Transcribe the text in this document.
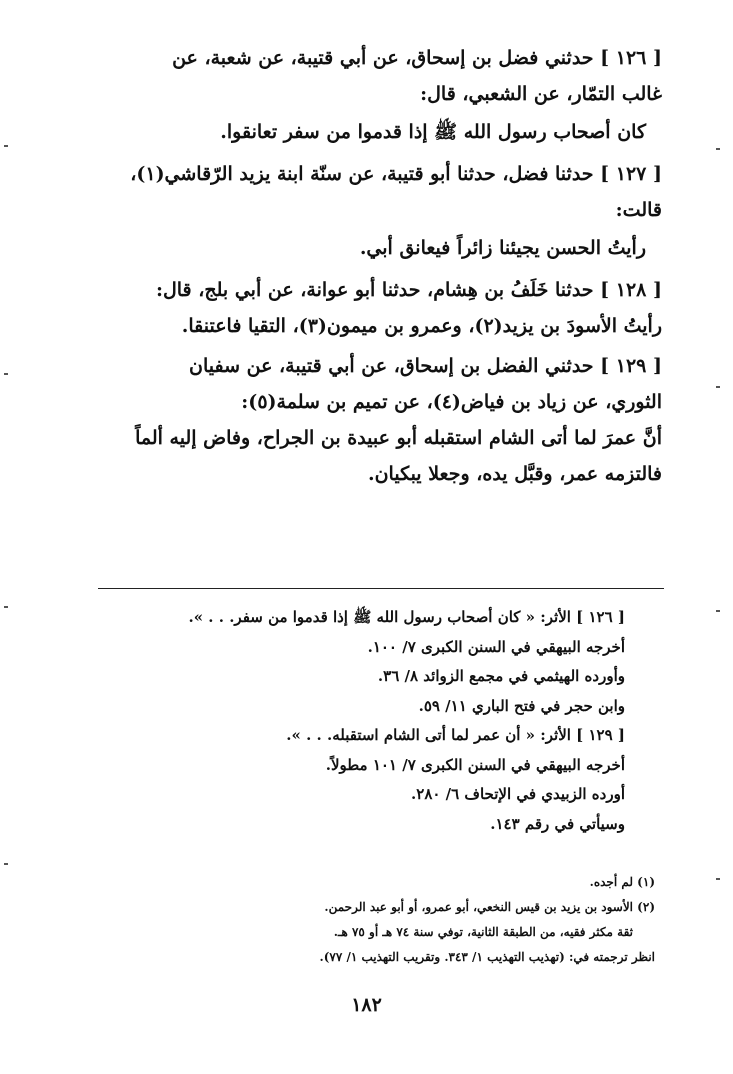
[ ١٢٦ ] حدثني فضل بن إسحاق، عن أبي قتيبة، عن شعبة، عن

غالب التمّار، عن الشعبي، قال:

كان أصحاب رسول الله ﷺ إذا قدموا من سفر تعانقوا.

[ ١٢٧ ] حدثنا فضل، حدثنا أبو قتيبة، عن سنّة ابنة يزيد الرّقاشي(١)،

قالت:

رأيتُ الحسن يجيئنا زائراً فيعانق أبي.

[ ١٢٨ ] حدثنا خَلَفُ بن هِشام، حدثنا أبو عوانة، عن أبي بلج، قال:

رأيتُ الأسودَ بن يزيد(٢)، وعمرو بن ميمون(٣)، التقيا فاعتنقا.

[ ١٢٩ ] حدثني الفضل بن إسحاق، عن أبي قتيبة، عن سفيان

الثوري، عن زياد بن فياض(٤)، عن تميم بن سلمة(٥):

أنَّ عمرَ لما أتى الشام استقبله أبو عبيدة بن الجراح، وفاض إليه ألماً

فالتزمه عمر، وقبَّل يده، وجعلا يبكيان.

[ ١٢٦ ] الأثر: « كان أصحاب رسول الله ﷺ إذا قدموا من سفر. . . ».

أخرجه البيهقي في السنن الكبرى ٧/ ١٠٠.

وأورده الهيثمي في مجمع الزوائد ٨/ ٣٦.

وابن حجر في فتح الباري ١١/ ٥٩.

[ ١٢٩ ] الأثر: « أن عمر لما أتى الشام استقبله. . . ».

أخرجه البيهقي في السنن الكبرى ٧/ ١٠١ مطولاً.

أورده الزبيدي في الإتحاف ٦/ ٢٨٠.

وسيأتي في رقم ١٤٣.

(١) لم أجده.

(٢) الأسود بن يزيد بن قيس النخعي، أبو عمرو، أو أبو عبد الرحمن.

ثقة مكثر فقيه، من الطبقة الثانية، توفي سنة ٧٤ هـ أو ٧٥ هـ.

انظر ترجمته في: (تهذيب التهذيب ١/ ٣٤٣. وتقريب التهذيب ١/ ٧٧).

١٨٢
